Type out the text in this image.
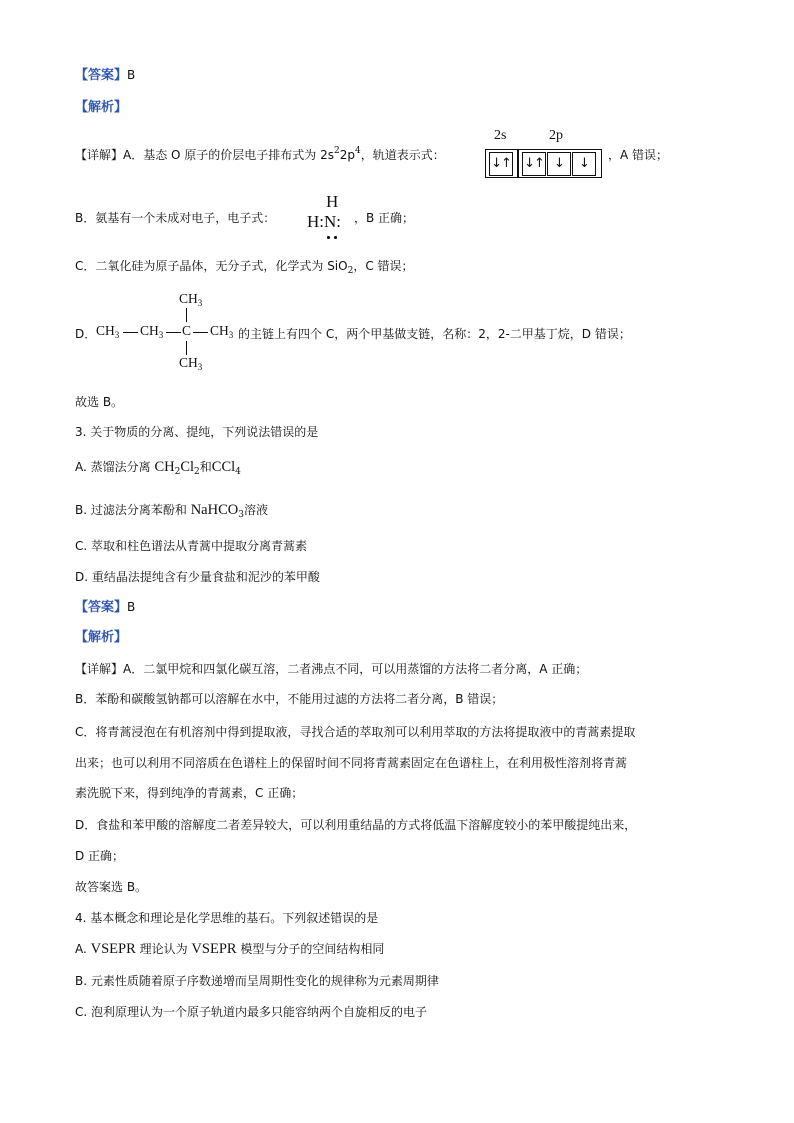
【答案】B
【解析】
【详解】A．基态 O 原子的价层电子排布式为 $2s^22p^4$，轨道表示式：
2s	2p
↓↑ ↓↑ ↓	↓
，A 错误；
B．氨基有一个未成对电子，电子式：
H
H:N: ，B 正确；
C．二氧化硅为原子晶体，无分子式，化学式为 SiO$_2$，C 错误；
D．
$CH_3$
$CH_3$ $CH_3$ C $CH_3$
$CH_3$
的主链上有四个 C，两个甲基做支链，名称：2，2-二甲基丁烷，D 错误；
故选 B。
3. 关于物质的分离、提纯，下列说法错误的是
A. 蒸馏法分离 $CH_2Cl_2$和CCl$_4$
B. 过滤法分离苯酚和 NaHCO$_3$溶液
C. 萃取和柱色谱法从青蒿中提取分离青蒿素
D. 重结晶法提纯含有少量食盐和泥沙的苯甲酸
【答案】B
【解析】
【详解】A．二氯甲烷和四氯化碳互溶，二者沸点不同，可以用蒸馏的方法将二者分离，A 正确；
B．苯酚和碳酸氢钠都可以溶解在水中，不能用过滤的方法将二者分离，B 错误；
C．将青蒿浸泡在有机溶剂中得到提取液，寻找合适的萃取剂可以利用萃取的方法将提取液中的青蒿素提取
出来；也可以利用不同溶质在色谱柱上的保留时间不同将青蒿素固定在色谱柱上，在利用极性溶剂将青蒿
素洗脱下来，得到纯净的青蒿素，C 正确；
D．食盐和苯甲酸的溶解度二者差异较大，可以利用重结晶的方式将低温下溶解度较小的苯甲酸提纯出来，
D 正确；
故答案选 B。
4. 基本概念和理论是化学思维的基石。下列叙述错误的是
A. VSEPR 理论认为 VSEPR 模型与分子的空间结构相同
B. 元素性质随着原子序数递增而呈周期性变化的规律称为元素周期律
C. 泡利原理认为一个原子轨道内最多只能容纳两个自旋相反的电子
